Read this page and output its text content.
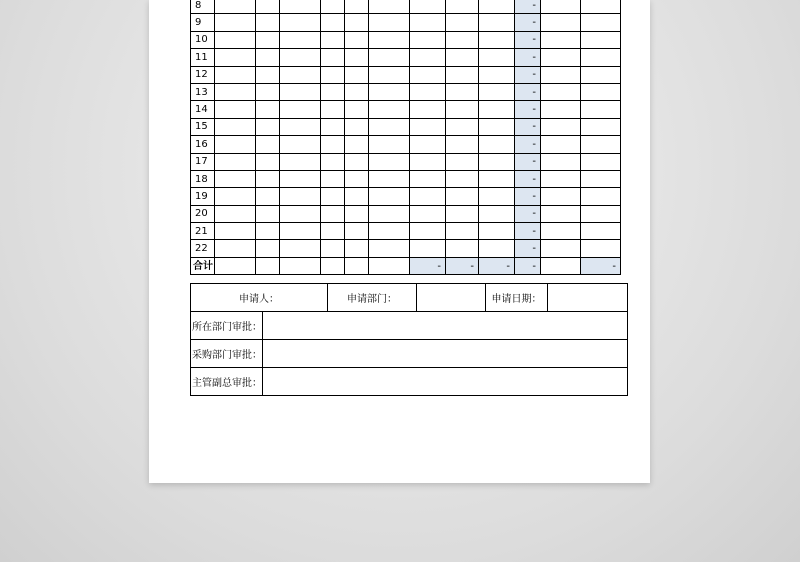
8										-		
9										-		
10										-		
11										-		
12										-		
13										-		
14										-		
15										-		
16										-		
17										-		
18										-		
19										-		
20										-		
21										-		
22										-		
合计							-	-	-	-		-
申请人：		申请部门：		申请日期：	
所在部门审批：					
采购部门审批：					
主管副总审批：					
